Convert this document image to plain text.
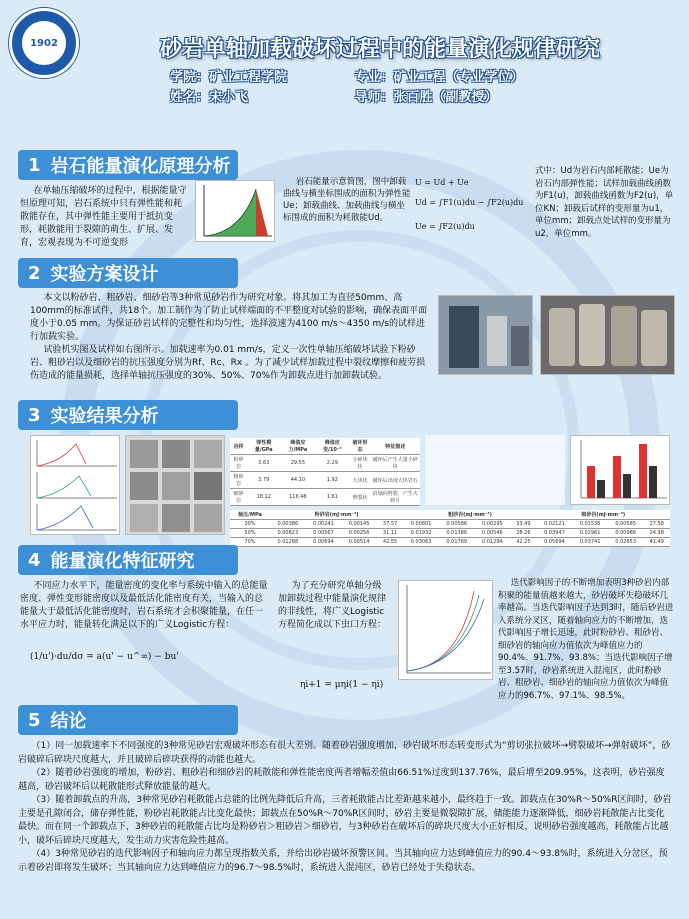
1902	砂岩单轴加载破坏过程中的能量演化规律研究
学院：矿业工程学院	专业：矿业工程（专业学位）
姓名：宋小飞	导师：张百胜（副教授）
1 岩石能量演化原理分析

在单轴压缩破坏的过程中，根据能量守恒原理可知，岩石系统中只有弹性能和耗散能存在，其中弹性能主要用于抵抗变形，耗散能用于裂隙的萌生、扩展、发育，宏观表现为不可逆变形

岩石能量示意简图，图中卸载曲线与横坐标围成的面积为弹性能Ue；卸载曲线、加载曲线与横坐标围成的面积为耗散能Ud。

U = Ud + Ue
Ud = ∫F1(u)du − ∫F2(u)du
Ue = ∫F2(u)du
式中：Ud为岩石内部耗散能；Ue为岩石内部弹性能；试样加载曲线函数为F1(u)，卸载曲线函数为F2(u)，单位KN；卸载后试样的变形量为u1，单位mm；卸载点处试样的变形量为u2，单位mm。
2 实验方案设计

本文以粉砂岩、粗砂岩、细砂岩等3种常见砂岩作为研究对象。将其加工为直径50mm、高100mm的标准试件，共18个。加工制作为了防止试样端面的不平整度对试验的影响，确保表面平面度小于0.05 mm。为保证砂岩试样的完整性和均匀性，选择波速为4100 m/s～4350 m/s的试样进行加载实验。

试验机实图及试样如右图所示。加载速率为0.01 mm/s，定义一次性单轴压缩破坏试验下粉砂岩、粗砂岩以及细砂岩的抗压强度分别为Rf、Rc、Rx 。为了减少试样加载过程中裂纹摩擦和疲劳损伤造成的能量损耗，选择单轴抗压强度的30%、50%、70%作为卸载点进行加卸载试验。

3 实验结果分析
岩样	弹性模量/GPa	峰值应力/MPa	峰值应变/10⁻³	破坏形态	特征描述
粉砂岩	3.63	29.55	2.29	小碎块状	破坏后产生大量小碎块
粗砂岩	3.79	44.10	1.92	大块状	破坏后出现大块岩石
细砂岩	18.12	116.48	1.61	劈裂状	沿轴向劈裂，产生大碎片
轴压/MPa	粉砂岩(mJ·mm⁻³)				粗砂岩(mJ·mm⁻³)				细砂岩(mJ·mm⁻³)			
30%	0.00386	0.00241	0.00145	37.57	0.00801	0.00586	0.00295	33.49	0.02121	0.01536	0.00585	27.58
50%	0.00823	0.00567	0.00256	31.11	0.01932	0.01386	0.00546	28.26	0.03947	0.02961	0.00986	24.98
70%	0.01288	0.00694	0.00514	42.55	0.03063	0.01769	0.01294	42.25	0.05694	0.03741	0.02653	41.49
4 能量演化特征研究

不同应力水平下，能量密度的变化率与系统中输入的总能量密度、弹性变形能密度以及最低活化能密度有关，当输入的总能量大于最低活化能密度时，岩石系统才会积聚能量，在任一水平应力时，能量转化满足以下的广义Logistic方程：

(1/u')·du/dσ = a(u' − u^∞) − bu'

为了充分研究单轴分级加卸载过程中能量演化规律的非线性，将广义Logistic方程简化成以下虫口方程：

ηi+1 = μηi(1 − ηi)

迭代影响因子的不断增加表明3种砂岩内部积聚的能量值越来越大，砂岩破坏失稳破坏几率越高。当迭代影响因子达到3时，随后砂岩进入系统分叉区，随着轴向应力的不断增加，迭代影响因子增长迅速，此时粉砂岩、粗砂岩、细砂岩的轴向应力值依次为峰值应力的90.4%、91.7%、93.8%；当迭代影响因子增至3.57时，砂岩系统进入混沌区，此时粉砂岩、粗砂岩、细砂岩的轴向应力值依次为峰值应力的96.7%、97.1%、98.5%。

5 结论

（1）同一加载速率下不同强度的3种常见砂岩宏观破坏形态有很大差别。随着砂岩强度增加，砂岩破坏形态转变形式为“剪切张拉破坏→劈裂破坏→弹射破坏”，砂岩破碎后碎块尺度越大，并且破碎后碎块获得的动能也越大。

（2）随着砂岩强度的增加，粉砂岩、粗砂岩和细砂岩的耗散能和弹性能密度两者增幅差值由66.51%过度到137.76%，最后增至209.95%，这表明，砂岩强度越高，砂岩破坏后以耗散能形式释放能量的越大。

（3）随着卸载点的升高，3种常见砂岩耗散能占总能的比例先降低后升高，三者耗散能占比差距越来越小，最终趋于一致。卸载点在30%R～50%R区间时，砂岩主要是孔隙闭合，储存弹性能，粉砂岩耗散能占比变化最快；卸载点在50%R～70%R区间时，砂岩主要是微裂隙扩展，储能能力逐渐降低，细砂岩耗散能占比变化最快。而在同一个卸载点下，3种砂岩的耗散能占比均是粉砂岩＞粗砂岩＞细砂岩，与3种砂岩在破坏后的碎块尺度大小正好相反，说明砂岩强度越高，耗散能占比越小，破坏后碎块尺度越大，发生动力灾害危险性越高。

（4）3种常见砂岩的迭代影响因子和轴向应力都呈现指数关系，并给出砂岩破坏预警区间。当其轴向应力达到峰值应力的90.4～93.8%时，系统进入分岔区，预示着砂岩即将发生破坏；当其轴向应力达到峰值应力的96.7～98.5%时，系统进入混沌区，砂岩已经处于失稳状态。
